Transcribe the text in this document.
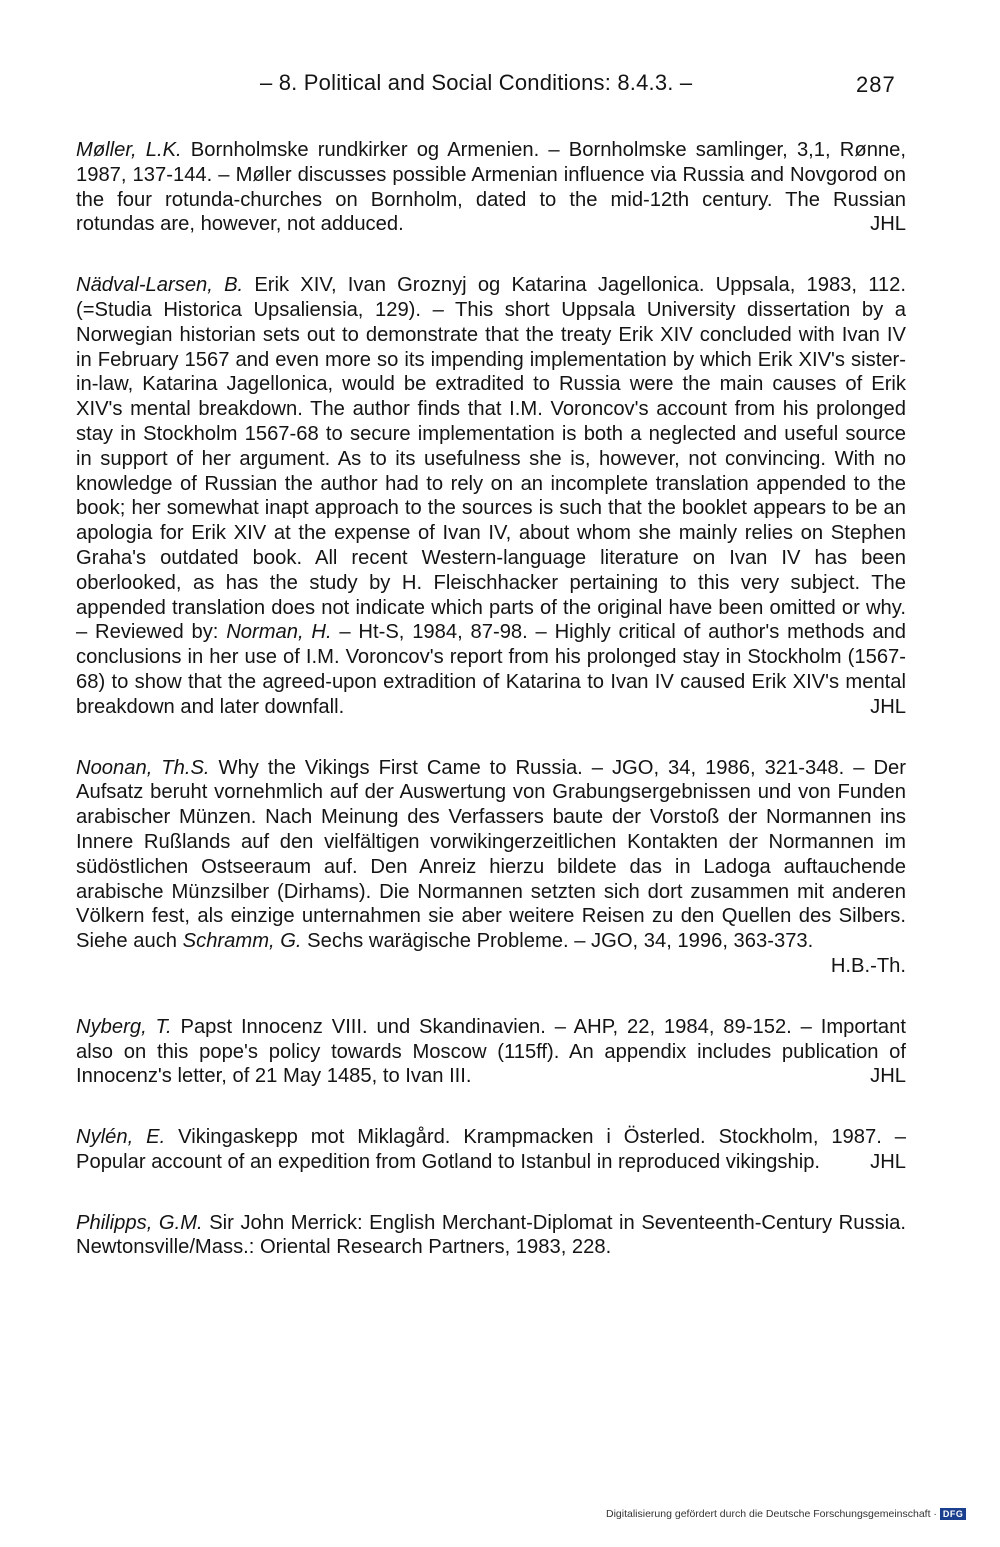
– 8. Political and Social Conditions: 8.4.3. –	287

Møller, L.K. Bornholmske rundkirker og Armenien. – Bornholmske samlinger, 3,1, Rønne, 1987, 137-144. – Møller discusses possible Armenian influence via Russia and Novgorod on the four rotunda-churches on Bornholm, dated to the mid-12th century. The Russian rotundas are, however, not adduced.	JHL

Nädval-Larsen, B. Erik XIV, Ivan Groznyj og Katarina Jagellonica. Uppsala, 1983, 112. (=Studia Historica Upsaliensia, 129). – This short Uppsala University dissertation by a Norwegian historian sets out to demonstrate that the treaty Erik XIV concluded with Ivan IV in February 1567 and even more so its impending implementation by which Erik XIV's sister-in-law, Katarina Jagellonica, would be extradited to Russia were the main causes of Erik XIV's mental breakdown. The author finds that I.M. Voroncov's account from his prolonged stay in Stockholm 1567-68 to secure implementation is both a neglected and useful source in support of her argument. As to its usefulness she is, however, not convincing. With no knowledge of Russian the author had to rely on an incomplete translation appended to the book; her somewhat inapt approach to the sources is such that the booklet appears to be an apologia for Erik XIV at the expense of Ivan IV, about whom she mainly relies on Stephen Graha's outdated book. All recent Western-language literature on Ivan IV has been oberlooked, as has the study by H. Fleischhacker pertaining to this very subject. The appended translation does not indicate which parts of the original have been omitted or why. – Reviewed by: Norman, H. – Ht-S, 1984, 87-98. – Highly critical of author's methods and conclusions in her use of I.M. Voroncov's report from his prolonged stay in Stockholm (1567-68) to show that the agreed-upon extradition of Katarina to Ivan IV caused Erik XIV's mental breakdown and later downfall.	JHL

Noonan, Th.S. Why the Vikings First Came to Russia. – JGO, 34, 1986, 321-348. – Der Aufsatz beruht vornehmlich auf der Auswertung von Grabungsergebnissen und von Funden arabischer Münzen. Nach Meinung des Verfassers baute der Vorstoß der Normannen ins Innere Rußlands auf den vielfältigen vorwikingerzeitlichen Kontakten der Normannen im südöstlichen Ostseeraum auf. Den Anreiz hierzu bildete das in Ladoga auftauchende arabische Münzsilber (Dirhams). Die Normannen setzten sich dort zusammen mit anderen Völkern fest, als einzige unternahmen sie aber weitere Reisen zu den Quellen des Silbers. Siehe auch Schramm, G. Sechs warägische Probleme. – JGO, 34, 1996, 363-373.
H.B.-Th.

Nyberg, T. Papst Innocenz VIII. und Skandinavien. – AHP, 22, 1984, 89-152. – Important also on this pope's policy towards Moscow (115ff). An appendix includes publication of Innocenz's letter, of 21 May 1485, to Ivan III.	JHL

Nylén, E. Vikingaskepp mot Miklagård. Krampmacken i Österled. Stockholm, 1987. – Popular account of an expedition from Gotland to Istanbul in reproduced vikingship. JHL

Philipps, G.M. Sir John Merrick: English Merchant-Diplomat in Seventeenth-Century Russia. Newtonsville/Mass.: Oriental Research Partners, 1983, 228.

Digitalisierung gefördert durch die Deutsche Forschungsgemeinschaft · DFG
